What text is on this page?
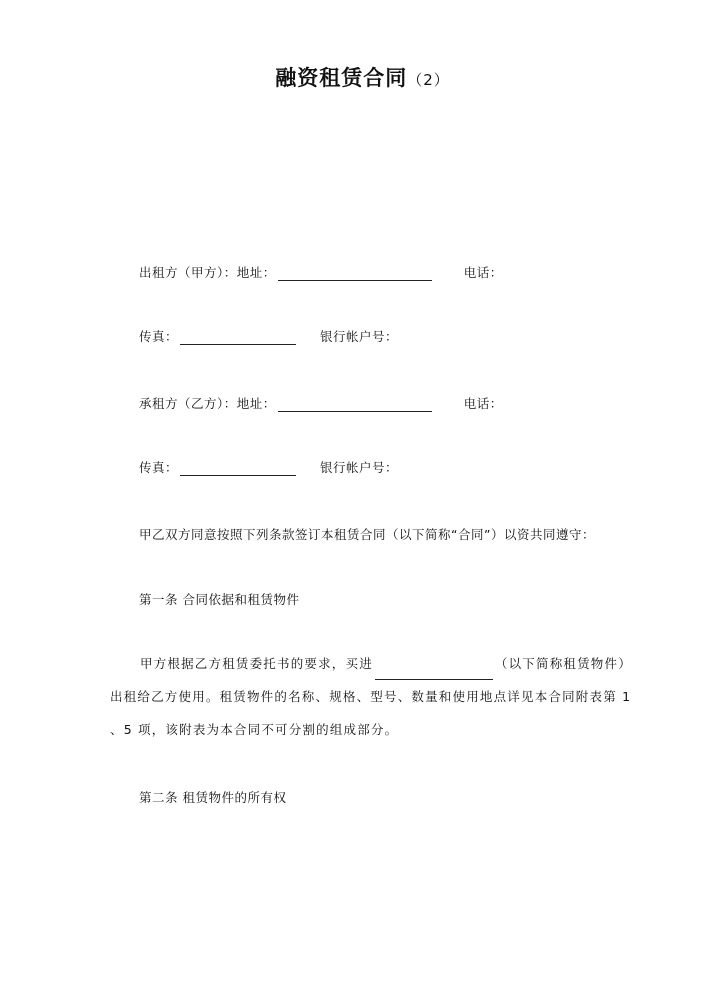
融资租赁合同（2）
出租方（甲方）：地址：	电话：
传真：	银行帐户号：
承租方（乙方）：地址：	电话：
传真：	银行帐户号：
甲乙双方同意按照下列条款签订本租赁合同（以下简称“合同”）以资共同遵守：
第一条 合同依据和租赁物件
甲方根据乙方租赁委托书的要求，买进	（以下简称租赁物件）出租给乙方使用。租赁物件的名称、规格、型号、数量和使用地点详见本合同附表第 1 、5 项，该附表为本合同不可分割的组成部分。
第二条 租赁物件的所有权
